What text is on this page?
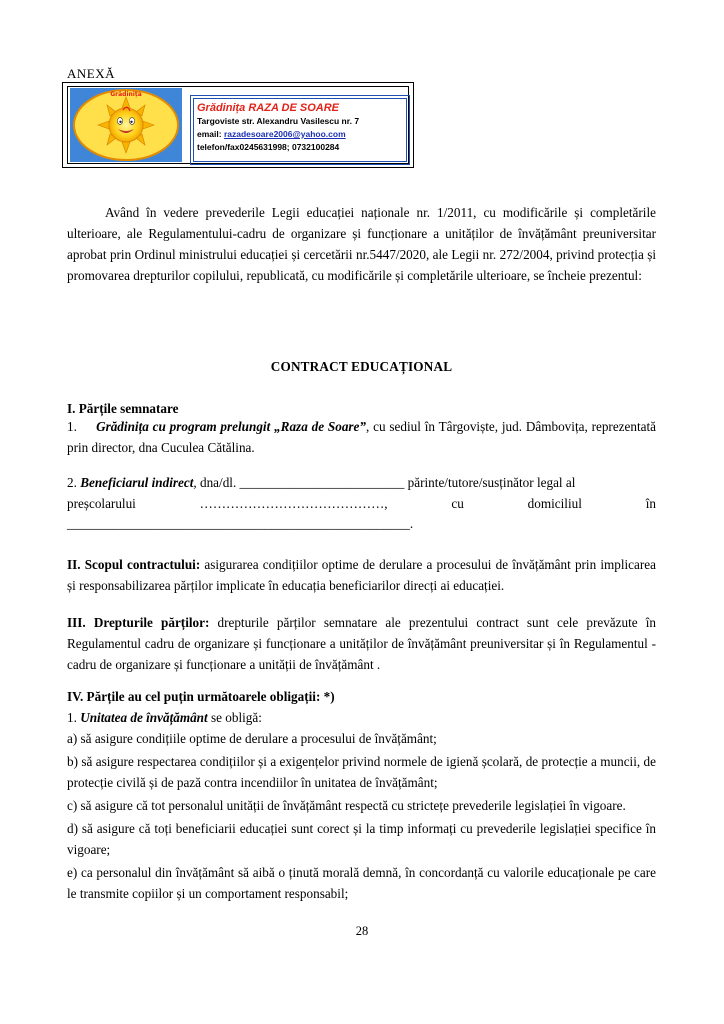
ANEXĂ
Grădinița
Grădinița RAZA DE SOARE
Targoviste str. Alexandru Vasilescu nr. 7
email: razadesoare2006@yahoo.com
telefon/fax0245631998; 0732100284
Având în vedere prevederile Legii educației naționale nr. 1/2011, cu modificările și completările ulterioare, ale Regulamentului-cadru de organizare și funcționare a unităților de învățământ preuniversitar aprobat prin Ordinul ministrului educației și cercetării nr.5447/2020, ale Legii nr. 272/2004, privind protecția și promovarea drepturilor copilului, republicată, cu modificările și completările ulterioare, se încheie prezentul:
CONTRACT EDUCAȚIONAL
I. Părțile semnatare
1. Grădinița cu program prelungit „Raza de Soare”, cu sediul în Târgoviște, jud. Dâmbovița, reprezentată prin director, dna Cuculea Cătălina.
2. Beneficiarul indirect, dna/dl. _________________________ părinte/tutore/susținător legal al
preșcolarului	……………………………………,	cu	domiciliul	în
____________________________________________________.
II. Scopul contractului: asigurarea condițiilor optime de derulare a procesului de învățământ prin implicarea și responsabilizarea părților implicate în educația beneficiarilor direcți ai educației.
III. Drepturile părților: drepturile părților semnatare ale prezentului contract sunt cele prevăzute în Regulamentul cadru de organizare și funcționare a unităților de învățământ preuniversitar și în Regulamentul -cadru de organizare și funcționare a unității de învățământ .
IV. Părțile au cel puțin următoarele obligații: *)
1. Unitatea de învățământ se obligă:

a) să asigure condițiile optime de derulare a procesului de învățământ;

b) să asigure respectarea condițiilor și a exigențelor privind normele de igienă școlară, de protecție a muncii, de protecție civilă și de pază contra incendiilor în unitatea de învățământ;

c) să asigure că tot personalul unității de învățământ respectă cu strictețe prevederile legislației în vigoare.

d) să asigure că toți beneficiarii educației sunt corect și la timp informați cu prevederile legislației specifice în vigoare;

e) ca personalul din învățământ să aibă o ținută morală demnă, în concordanță cu valorile educaționale pe care le transmite copiilor și un comportament responsabil;

28
